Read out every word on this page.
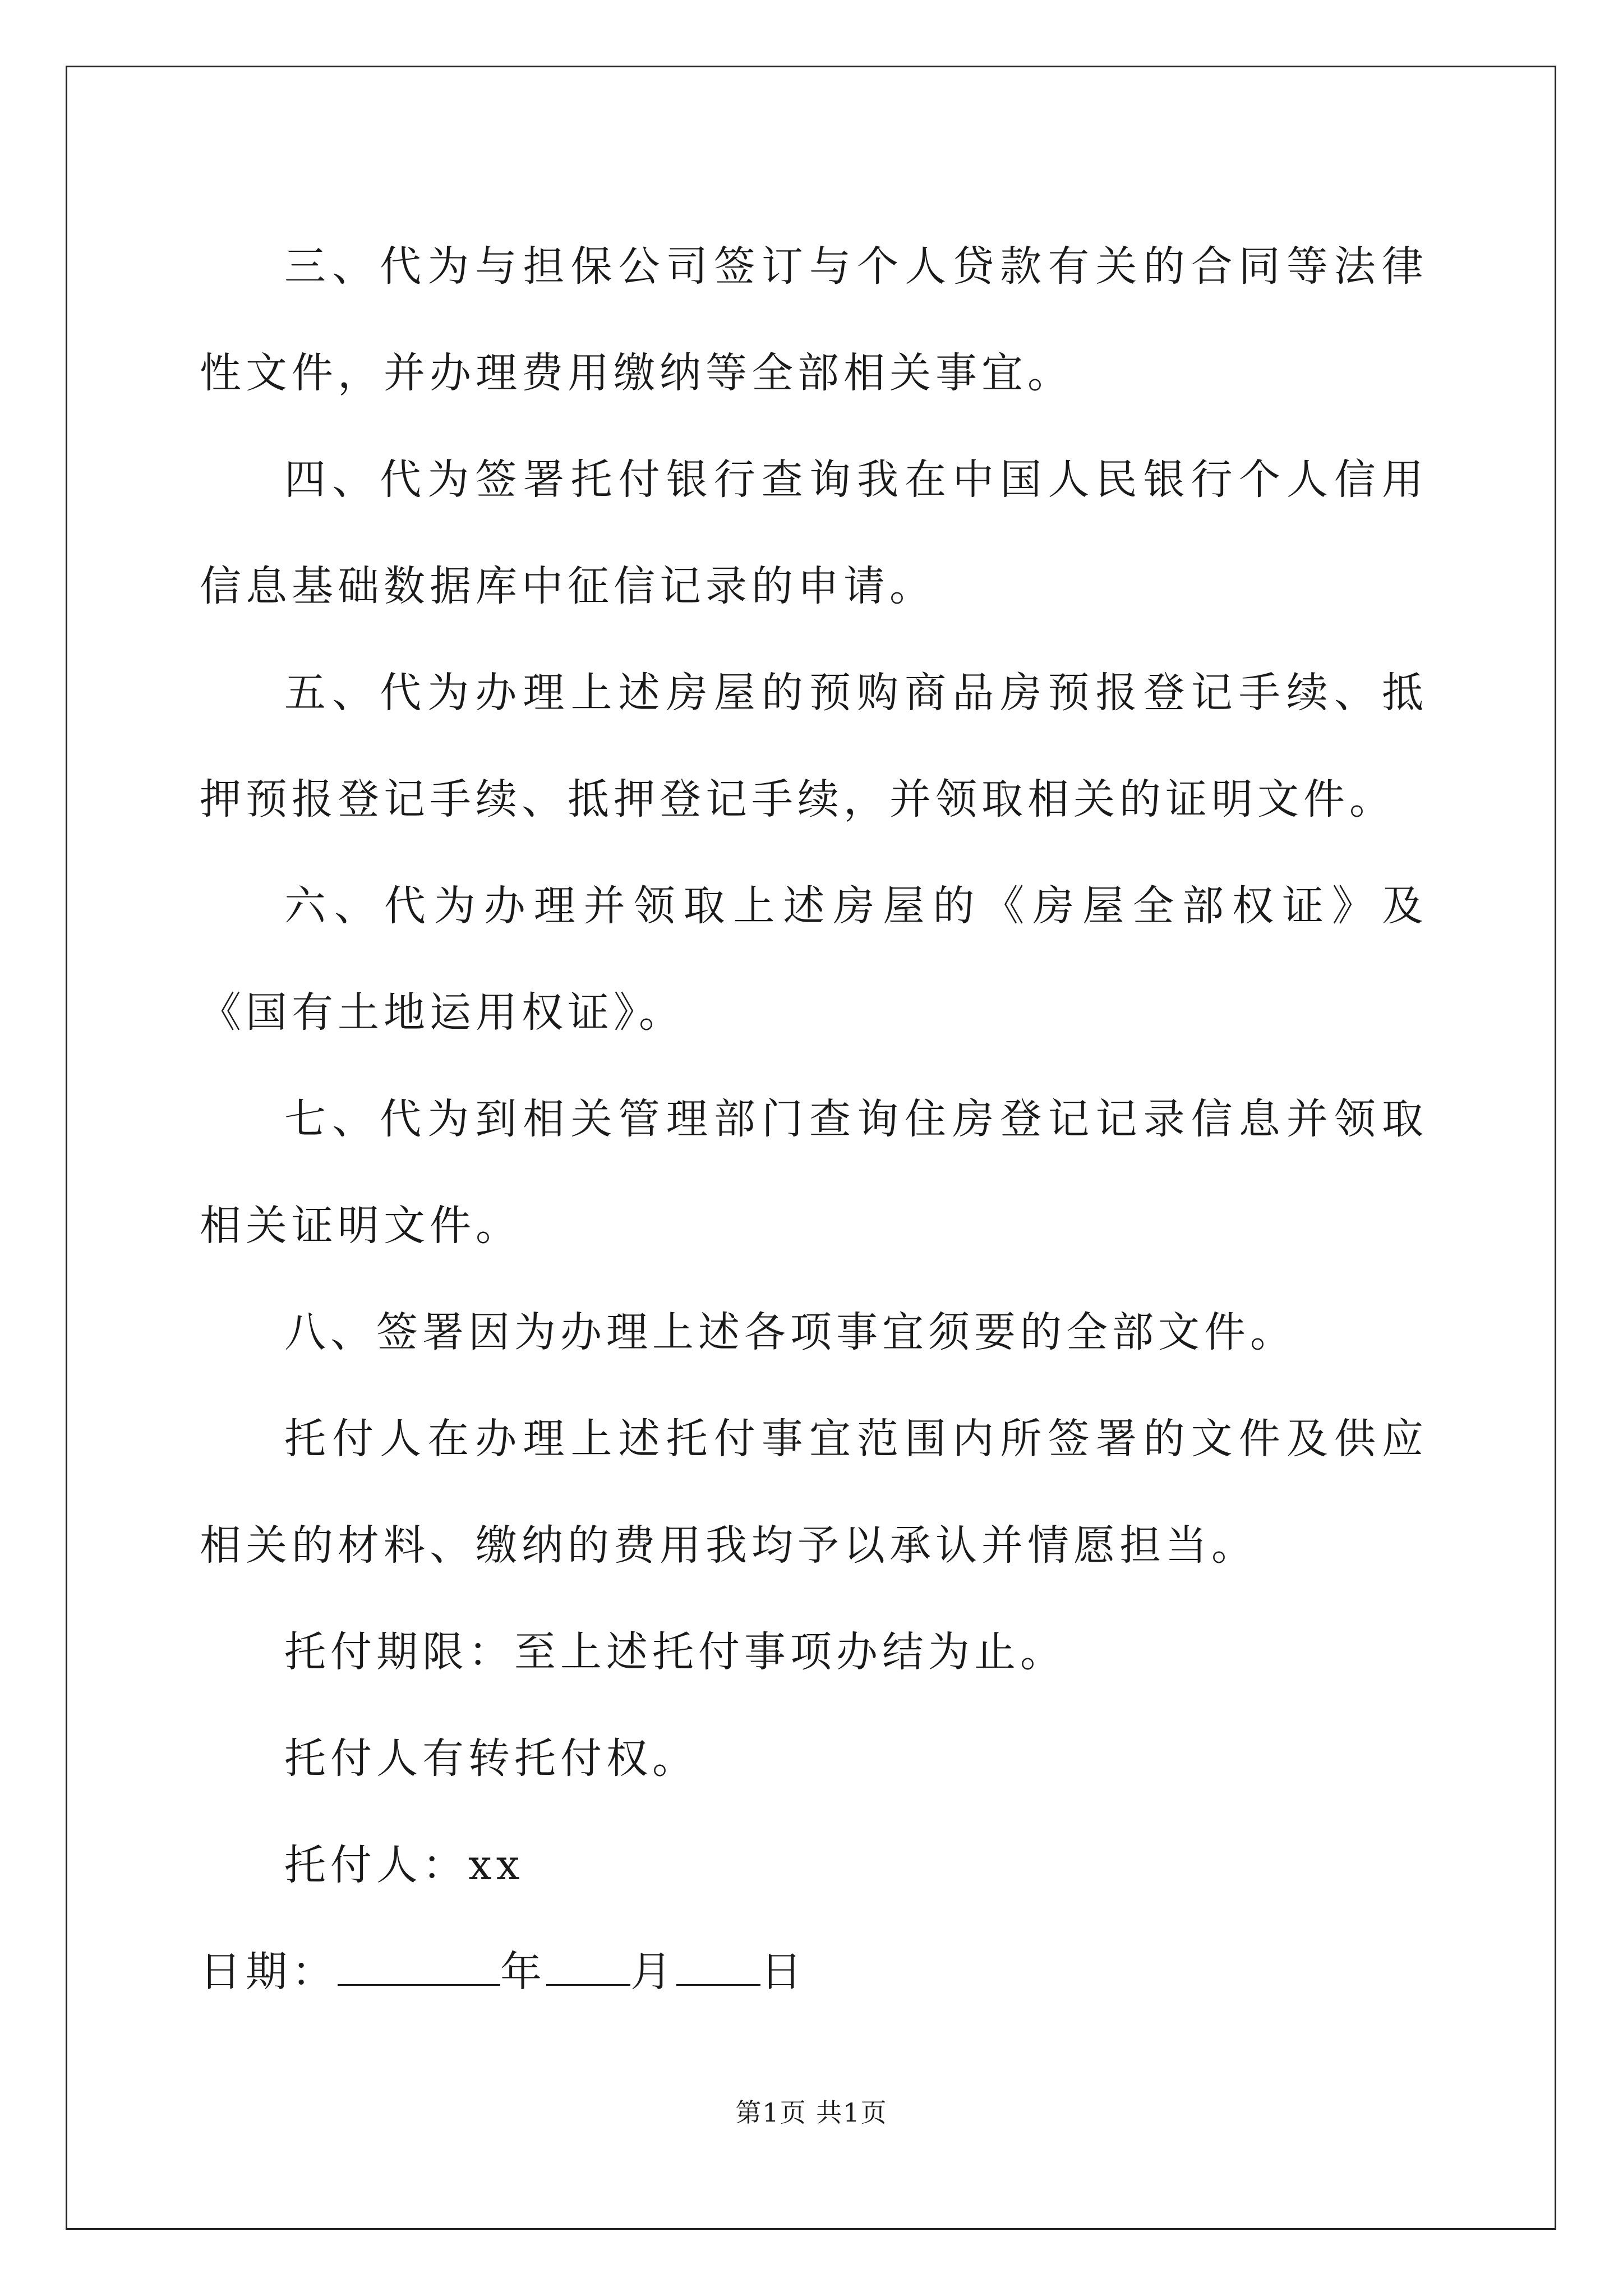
三、代为与担保公司签订与个人贷款有关的合同等法律性文件，并办理费用缴纳等全部相关事宜。

四、代为签署托付银行查询我在中国人民银行个人信用信息基础数据库中征信记录的申请。

五、代为办理上述房屋的预购商品房预报登记手续、抵押预报登记手续、抵押登记手续，并领取相关的证明文件。

六、代为办理并领取上述房屋的《房屋全部权证》及《国有土地运用权证》。

七、代为到相关管理部门查询住房登记记录信息并领取相关证明文件。

八、签署因为办理上述各项事宜须要的全部文件。

托付人在办理上述托付事宜范围内所签署的文件及供应相关的材料、缴纳的费用我均予以承认并情愿担当。

托付期限：至上述托付事项办结为止。

托付人有转托付权。

托付人：xx

日期：	年 月 日

第1页 共1页
